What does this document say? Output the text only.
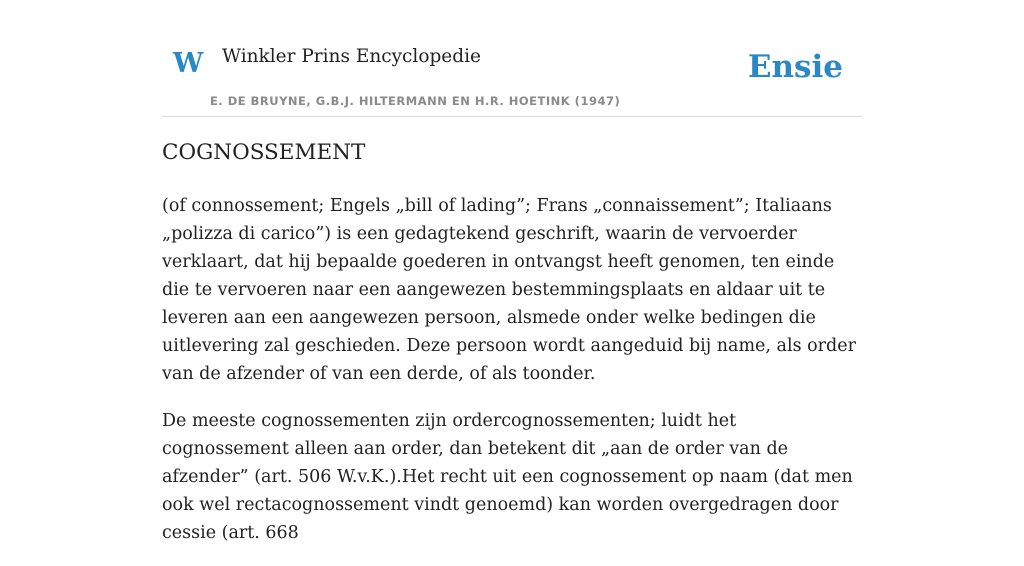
W Winkler Prins Encyclopedie
E. DE BRUYNE, G.B.J. HILTERMANN EN H.R. HOETINK (1947)
Ensie
COGNOSSEMENT

(of connossement; Engels „bill of lading”; Frans „connaissement”; Italiaans „polizza di carico”) is een gedagtekend geschrift, waarin de vervoerder verklaart, dat hij bepaalde goederen in ontvangst heeft genomen, ten einde die te vervoeren naar een aangewezen bestemmingsplaats en aldaar uit te leveren aan een aangewezen persoon, alsmede onder welke bedingen die uitlevering zal geschieden. Deze persoon wordt aangeduid bij name, als order van de afzender of van een derde, of als toonder.

De meeste cognossementen zijn ordercognossementen; luidt het cognossement alleen aan order, dan betekent dit „aan de order van de afzender” (art. 506 W.v.K.).Het recht uit een cognossement op naam (dat men ook wel rectacognossement vindt genoemd) kan worden overgedragen door cessie (art. 668
